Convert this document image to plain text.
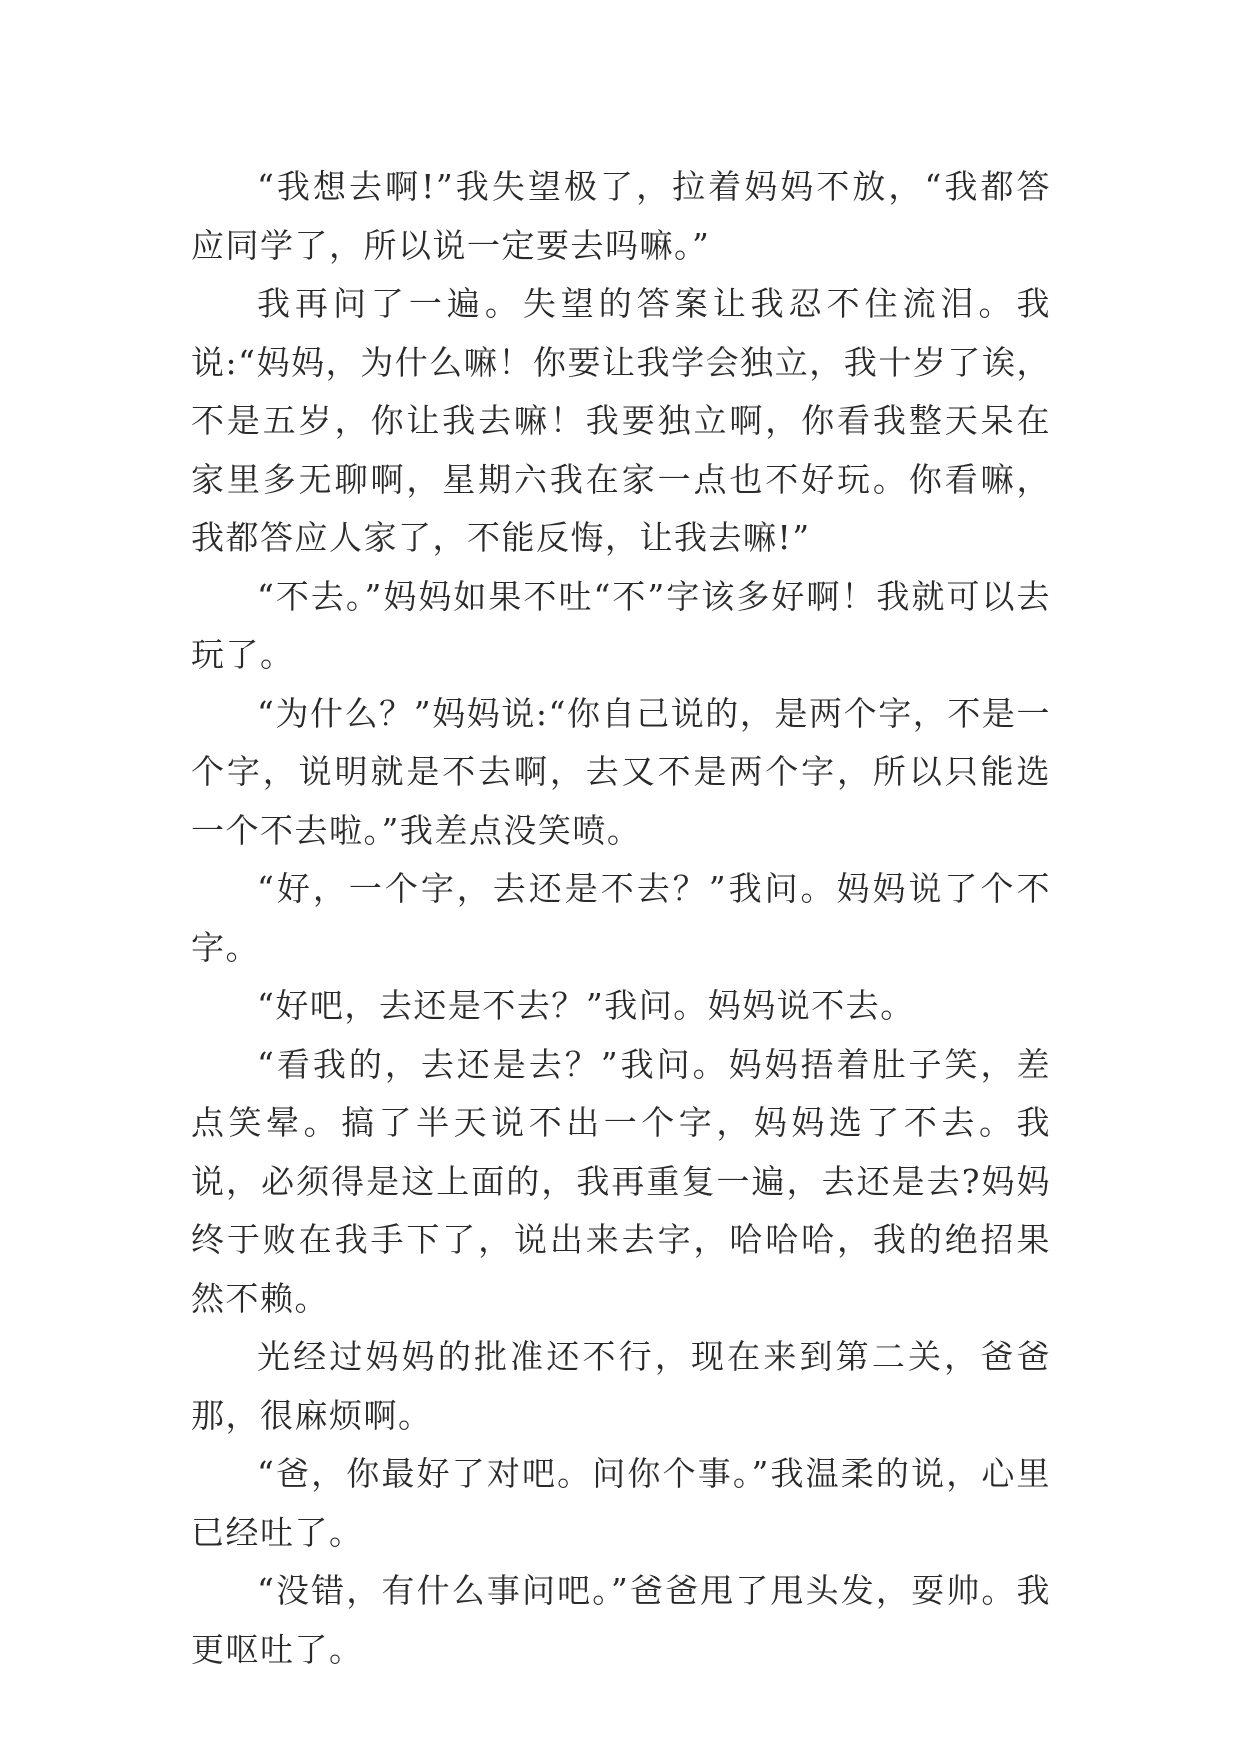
“我想去啊!”我失望极了，拉着妈妈不放，“我都答应同学了，所以说一定要去吗嘛。”

我再问了一遍。失望的答案让我忍不住流泪。我说:“妈妈，为什么嘛！你要让我学会独立，我十岁了诶，不是五岁，你让我去嘛！我要独立啊，你看我整天呆在家里多无聊啊，星期六我在家一点也不好玩。你看嘛，我都答应人家了，不能反悔，让我去嘛!”

“不去。”妈妈如果不吐“不”字该多好啊！我就可以去玩了。

“为什么？”妈妈说:“你自己说的，是两个字，不是一个字，说明就是不去啊，去又不是两个字，所以只能选一个不去啦。”我差点没笑喷。

“好，一个字，去还是不去？”我问。妈妈说了个不字。

“好吧，去还是不去？”我问。妈妈说不去。

“看我的，去还是去？”我问。妈妈捂着肚子笑，差点笑晕。搞了半天说不出一个字，妈妈选了不去。我说，必须得是这上面的，我再重复一遍，去还是去?妈妈终于败在我手下了，说出来去字，哈哈哈，我的绝招果然不赖。

光经过妈妈的批准还不行，现在来到第二关，爸爸那，很麻烦啊。

“爸，你最好了对吧。问你个事。”我温柔的说，心里已经吐了。

“没错，有什么事问吧。”爸爸甩了甩头发，耍帅。我更呕吐了。
